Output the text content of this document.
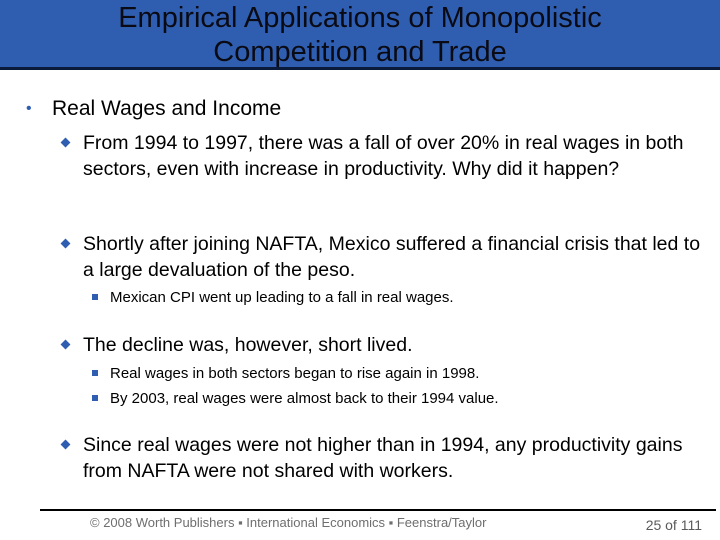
Empirical Applications of Monopolistic
Competition and Trade
• Real Wages and Income
From 1994 to 1997, there was a fall of over 20% in real wages in both sectors, even with increase in productivity. Why did it happen?
Shortly after joining NAFTA, Mexico suffered a financial crisis that led to a large devaluation of the peso.
Mexican CPI went up leading to a fall in real wages.
The decline was, however, short lived.
Real wages in both sectors began to rise again in 1998.
By 2003, real wages were almost back to their 1994 value.
Since real wages were not higher than in 1994, any productivity gains from NAFTA were not shared with workers.
© 2008 Worth Publishers ▪ International Economics ▪ Feenstra/Taylor	25 of 111
